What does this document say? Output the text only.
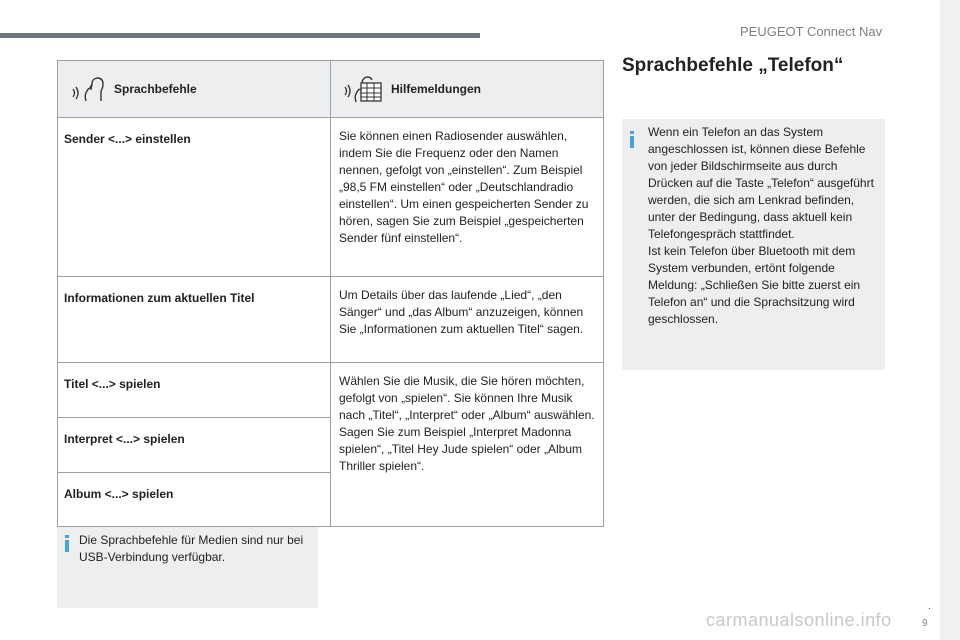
PEUGEOT Connect Nav
Sprachbefehle	Hilfemeldungen

Sender <...> einstellen	Sie können einen Radiosender auswählen, indem Sie die Frequenz oder den Namen nennen, gefolgt von „einstellen“. Zum Beispiel „98,5 FM einstellen“ oder „Deutschlandradio einstellen“. Um einen gespeicherten Sender zu hören, sagen Sie zum Beispiel „gespeicherten Sender fünf einstellen“.
Informationen zum aktuellen Titel	Um Details über das laufende „Lied“, „den Sänger“ und „das Album“ anzuzeigen, können Sie „Informationen zum aktuellen Titel“ sagen.
Titel <...> spielen	Wählen Sie die Musik, die Sie hören möchten, gefolgt von „spielen“. Sie können Ihre Musik nach „Titel“, „Interpret“ oder „Album“ auswählen. Sagen Sie zum Beispiel „Interpret Madonna spielen“, „Titel Hey Jude spielen“ oder „Album Thriller spielen“.
Interpret <...> spielen	
Album <...> spielen	
Die Sprachbefehle für Medien sind nur bei USB-Verbindung verfügbar.
Sprachbefehle „Telefon“
Wenn ein Telefon an das System angeschlossen ist, können diese Befehle von jeder Bildschirmseite aus durch Drücken auf die Taste „Telefon“ ausgeführt werden, die sich am Lenkrad befinden, unter der Bedingung, dass aktuell kein Telefongespräch stattfindet.
Ist kein Telefon über Bluetooth mit dem System verbunden, ertönt folgende Meldung: „Schließen Sie bitte zuerst ein Telefon an“ und die Sprachsitzung wird geschlossen.
.
9
carmanualsonline.info
